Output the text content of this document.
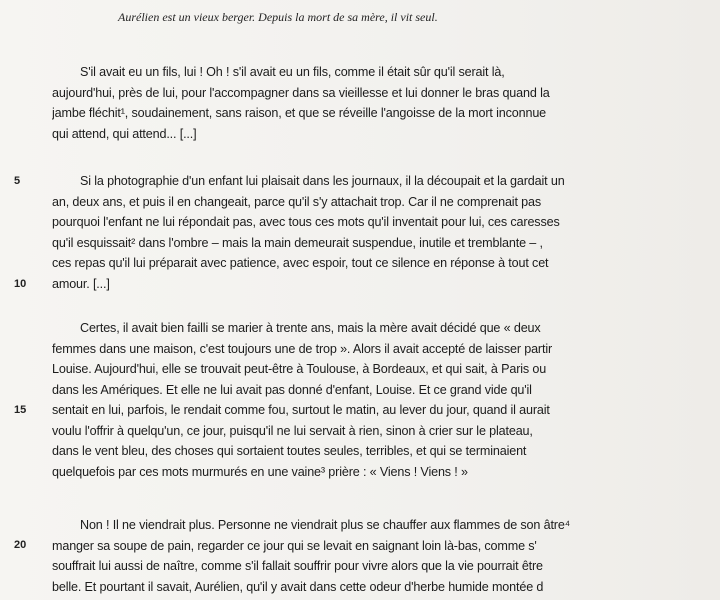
Aurélien est un vieux berger. Depuis la mort de sa mère, il vit seul.
S'il avait eu un fils, lui ! Oh ! s'il avait eu un fils, comme il était sûr qu'il serait là,
aujourd'hui, près de lui, pour l'accompagner dans sa vieillesse et lui donner le bras quand la
jambe fléchit¹, soudainement, sans raison, et que se réveille l'angoisse de la mort inconnue
qui attend, qui attend... [...]
5	Si la photographie d'un enfant lui plaisait dans les journaux, il la découpait et la gardait un
an, deux ans, et puis il en changeait, parce qu'il s'y attachait trop. Car il ne comprenait pas
pourquoi l'enfant ne lui répondait pas, avec tous ces mots qu'il inventait pour lui, ces caresses
qu'il esquissait² dans l'ombre – mais la main demeurait suspendue, inutile et tremblante – ,
ces repas qu'il lui préparait avec patience, avec espoir, tout ce silence en réponse à tout cet
amour. [...]
10
Certes, il avait bien failli se marier à trente ans, mais la mère avait décidé que « deux
femmes dans une maison, c'est toujours une de trop ». Alors il avait accepté de laisser partir
Louise. Aujourd'hui, elle se trouvait peut-être à Toulouse, à Bordeaux, et qui sait, à Paris ou
dans les Amériques. Et elle ne lui avait pas donné d'enfant, Louise. Et ce grand vide qu'il
sentait en lui, parfois, le rendait comme fou, surtout le matin, au lever du jour, quand il aurait
voulu l'offrir à quelqu'un, ce jour, puisqu'il ne lui servait à rien, sinon à crier sur le plateau,
dans le vent bleu, des choses qui sortaient toutes seules, terribles, et qui se terminaient
quelquefois par ces mots murmurés en une vaine³ prière : « Viens ! Viens ! »
15
Non ! Il ne viendrait plus. Personne ne viendrait plus se chauffer aux flammes de son âtre⁴
manger sa soupe de pain, regarder ce jour qui se levait en saignant loin là-bas, comme s'
souffrait lui aussi de naître, comme s'il fallait souffrir pour vivre alors que la vie pourrait être
belle. Et pourtant il savait, Aurélien, qu'il y avait dans cette odeur d'herbe humide montée d
20
